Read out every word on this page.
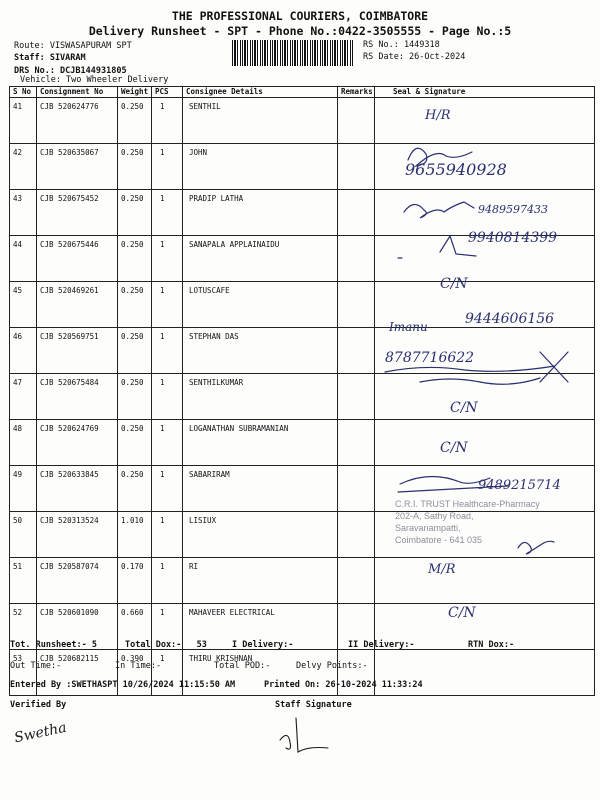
THE PROFESSIONAL COURIERS, COIMBATORE
Delivery Runsheet - SPT - Phone No.:0422-3505555 - Page No.:5
Route: VISWASAPURAM SPT
Staff: SIVARAM
DRS No.: DCJB144931805
Vehicle: Two Wheeler Delivery
RS No.: 1449318
RS Date: 26-Oct-2024
S No	Consignment No	Weight	PCS	Consignee Details	Remarks	Seal & Signature
41	CJB 520624776	0.250	1	SENTHIL		
42	CJB 520635067	0.250	1	JOHN		
43	CJB 520675452	0.250	1	PRADIP LATHA		
44	CJB 520675446	0.250	1	SANAPALA APPLAINAIDU		
45	CJB 520469261	0.250	1	LOTUSCAFE		
46	CJB 520569751	0.250	1	STEPHAN DAS		
47	CJB 520675484	0.250	1	SENTHILKUMAR		
48	CJB 520624769	0.250	1	LOGANATHAN SUBRAMANIAN		
49	CJB 520633845	0.250	1	SABARIRAM		
50	CJB 520313524	1.010	1	LISIUX		
51	CJB 520587074	0.170	1	RI		
52	CJB 520601090	0.660	1	MAHAVEER ELECTRICAL		
53	CJB 520682115	0.390	1	THIRU KRISHNAN		
H/R
9655940928
9489597433
9940814399
C/N
Imanu	9444606156
8787716622
C/N
C/N
9489215714
M/R
C/N
C.R.I. TRUST Healthcare-Pharmacy
202-A, Sathy Road,
Saravanampatti,
Coimbatore - 641 035
Tot. Runsheet:- 5	Total Dox:-   53	I Delivery:-	II Delivery:-	RTN Dox:-
Out Time:-	In Time:-	Total POD:-	Delvy Points:-
Entered By :SWETHASPT 10/26/2024 11:15:50 AM	Printed On: 26-10-2024 11:33:24
Verified By	Staff Signature
Swetha
